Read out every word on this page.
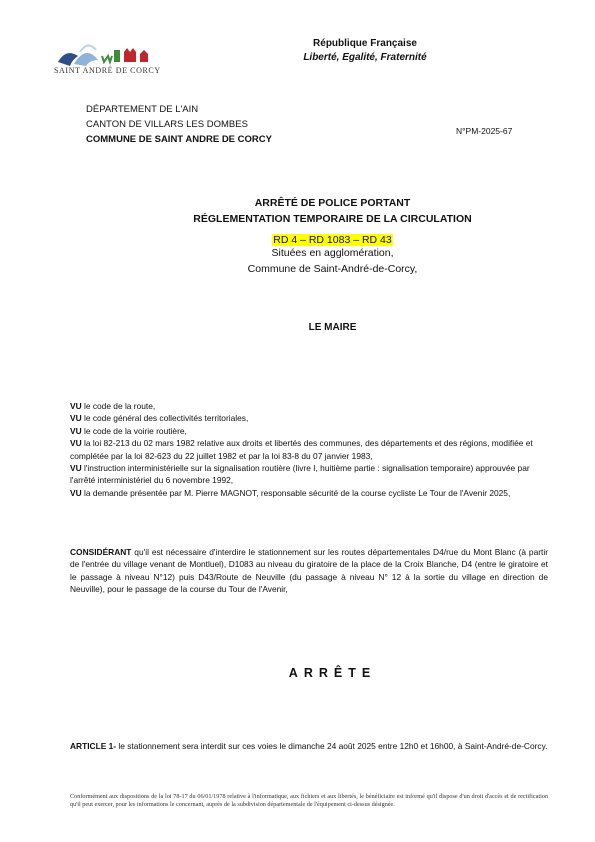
SAINT ANDRÉ DE CORCY
République Française
Liberté, Egalité, Fraternité
DÉPARTEMENT DE L'AIN
CANTON DE VILLARS LES DOMBES
COMMUNE DE SAINT ANDRE DE CORCY
N°PM-2025-67
ARRÊTÉ DE POLICE PORTANT
RÉGLEMENTATION TEMPORAIRE DE LA CIRCULATION
RD 4 – RD 1083 – RD 43
Situées en agglomération,
Commune de Saint-André-de-Corcy,
LE MAIRE

VU le code de la route,

VU le code général des collectivités territoriales,

VU le code de la voirie routière,

VU la loi 82-213 du 02 mars 1982 relative aux droits et libertés des communes, des départements et des régions, modifiée et complétée par la loi 82-623 du 22 juillet 1982 et par la loi 83-8 du 07 janvier 1983,

VU l'instruction interministérielle sur la signalisation routière (livre I, huitième partie : signalisation temporaire) approuvée par l'arrêté interministériel du 6 novembre 1992,

VU la demande présentée par M. Pierre MAGNOT, responsable sécurité de la course cycliste Le Tour de l'Avenir 2025,

CONSIDÉRANT qu'il est nécessaire d'interdire le stationnement sur les routes départementales D4/rue du Mont Blanc (à partir de l'entrée du village venant de Montluel), D1083 au niveau du giratoire de la place de la Croix Blanche, D4 (entre le giratoire et le passage à niveau N°12) puis D43/Route de Neuville (du passage à niveau N° 12 à la sortie du village en direction de Neuville), pour le passage de la course du Tour de l'Avenir,
ARRÊTE
ARTICLE 1- le stationnement sera interdit sur ces voies le dimanche 24 août 2025 entre 12h0 et 16h00, à Saint-André-de-Corcy.
Conformément aux dispositions de la loi 78-17 du 06/01/1978 relative à l'informatique, aux fichiers et aux libertés, le bénéficiaire est informé qu'il dispose d'un droit d'accès et de rectification qu'il peut exercer, pour les informations le concernant, auprès de la subdivision départementale de l'équipement ci-dessus désignée.
